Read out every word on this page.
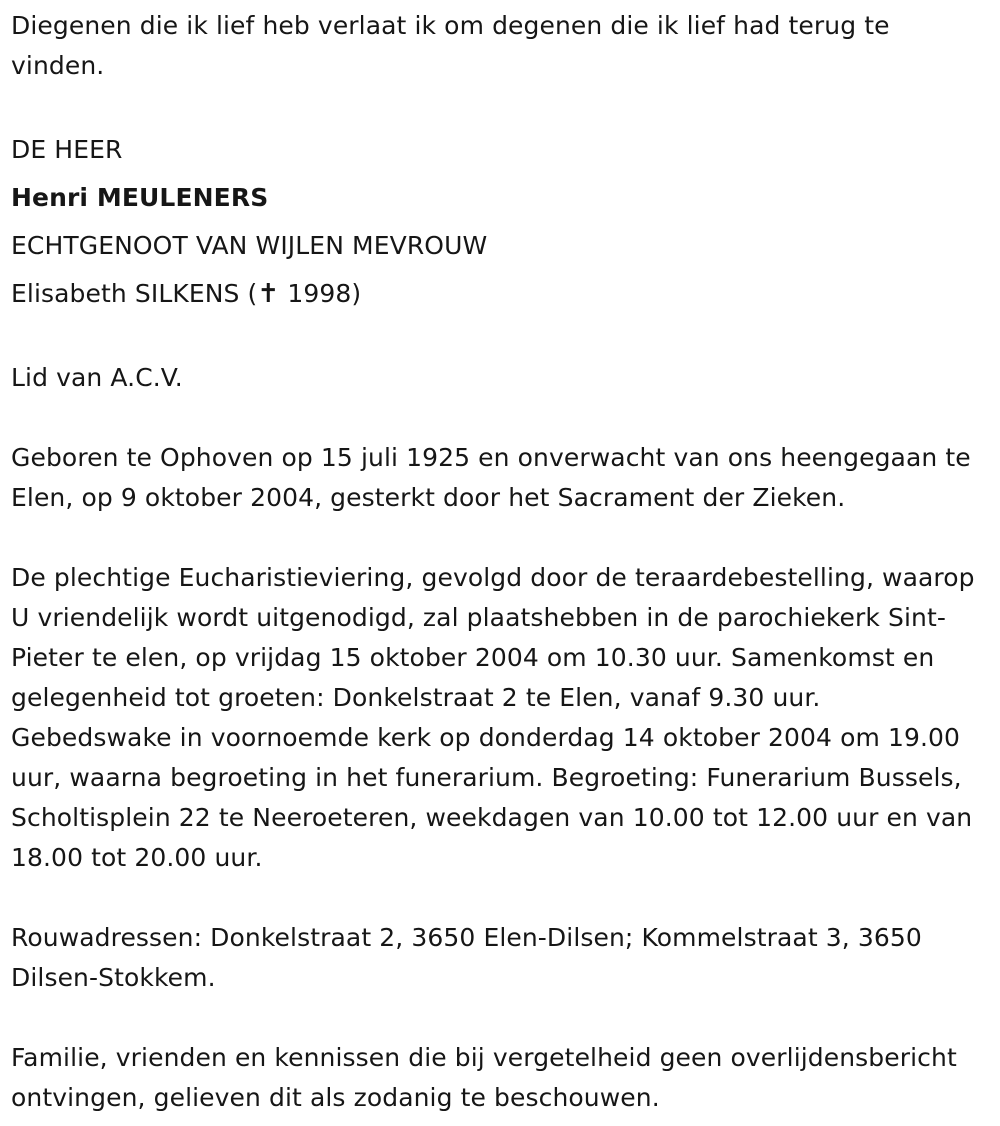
Diegenen die ik lief heb verlaat ik om degenen die ik lief had terug te vinden.

DE HEER

Henri MEULENERS

ECHTGENOOT VAN WIJLEN MEVROUW

Elisabeth SILKENS (✝ 1998)

Lid van A.C.V.

Geboren te Ophoven op 15 juli 1925 en onverwacht van ons heengegaan te Elen, op 9 oktober 2004, gesterkt door het Sacrament der Zieken.

De plechtige Eucharistieviering, gevolgd door de teraardebestelling, waarop U vriendelijk wordt uitgenodigd, zal plaatshebben in de parochiekerk Sint-Pieter te elen, op vrijdag 15 oktober 2004 om 10.30 uur. Samenkomst en gelegenheid tot groeten: Donkelstraat 2 te Elen, vanaf 9.30 uur. Gebedswake in voornoemde kerk op donderdag 14 oktober 2004 om 19.00 uur, waarna begroeting in het funerarium. Begroeting: Funerarium Bussels, Scholtisplein 22 te Neeroeteren, weekdagen van 10.00 tot 12.00 uur en van 18.00 tot 20.00 uur.

Rouwadressen: Donkelstraat 2, 3650 Elen-Dilsen; Kommelstraat 3, 3650 Dilsen-Stokkem.

Familie, vrienden en kennissen die bij vergetelheid geen overlijdensbericht ontvingen, gelieven dit als zodanig te beschouwen.
